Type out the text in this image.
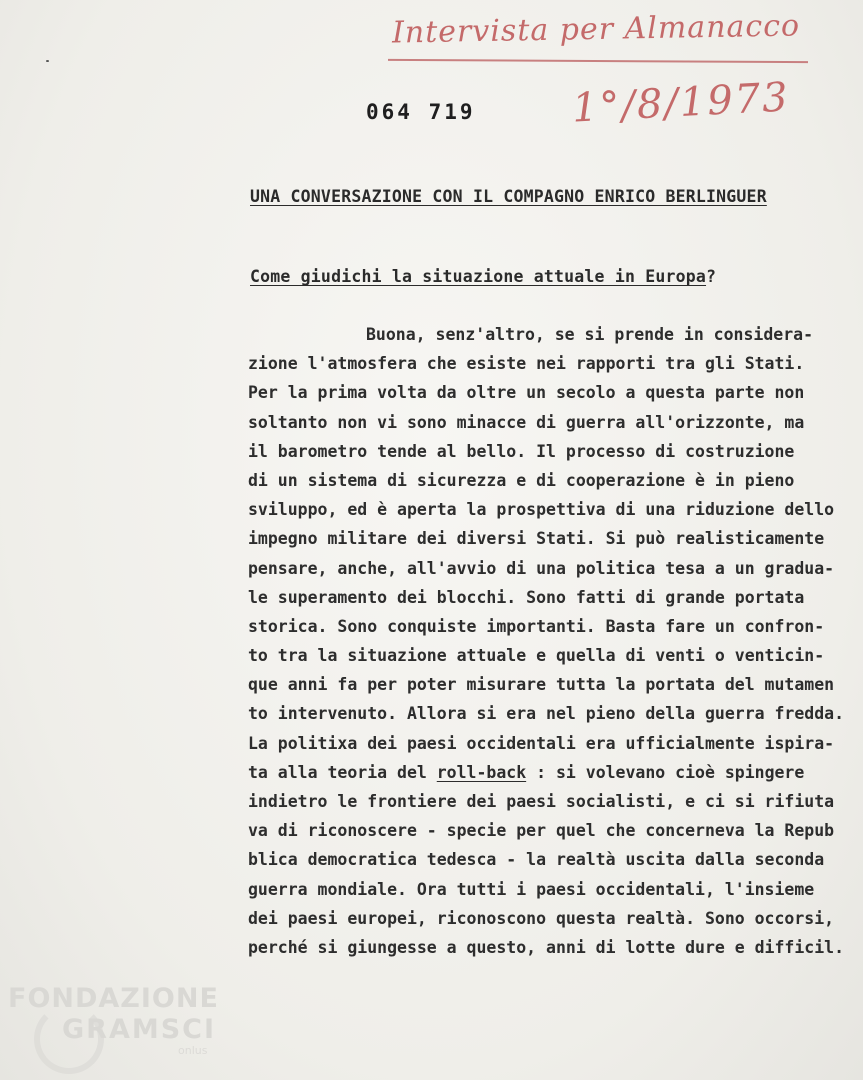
Intervista per Almanacco
064 719 1°/8/1973
UNA CONVERSAZIONE CON IL COMPAGNO ENRICO BERLINGUER
Come giudichi la situazione attuale in Europa?
Buona, senz'altro, se si prende in considera-
zione l'atmosfera che esiste nei rapporti tra gli Stati.
Per la prima volta da oltre un secolo a questa parte non
soltanto non vi sono minacce di guerra all'orizzonte, ma
il barometro tende al bello. Il processo di costruzione
di un sistema di sicurezza e di cooperazione è in pieno
sviluppo, ed è aperta la prospettiva di una riduzione dello
impegno militare dei diversi Stati. Si può realisticamente
pensare, anche, all'avvio di una politica tesa a un gradua-
le superamento dei blocchi. Sono fatti di grande portata
storica. Sono conquiste importanti. Basta fare un confron-
to tra la situazione attuale e quella di venti o venticin-
que anni fa per poter misurare tutta la portata del mutamen
to intervenuto. Allora si era nel pieno della guerra fredda.
La politixa dei paesi occidentali era ufficialmente ispira-
ta alla teoria del roll-back : si volevano cioè spingere
indietro le frontiere dei paesi socialisti, e ci si rifiuta
va di riconoscere - specie per quel che concerneva la Repub
blica democratica tedesca - la realtà uscita dalla seconda
guerra mondiale. Ora tutti i paesi occidentali, l'insieme
dei paesi europei, riconoscono questa realtà. Sono occorsi,
perché si giungesse a questo, anni di lotte dure e difficil.
FONDAZIONE
GRAMSCI
onlus
